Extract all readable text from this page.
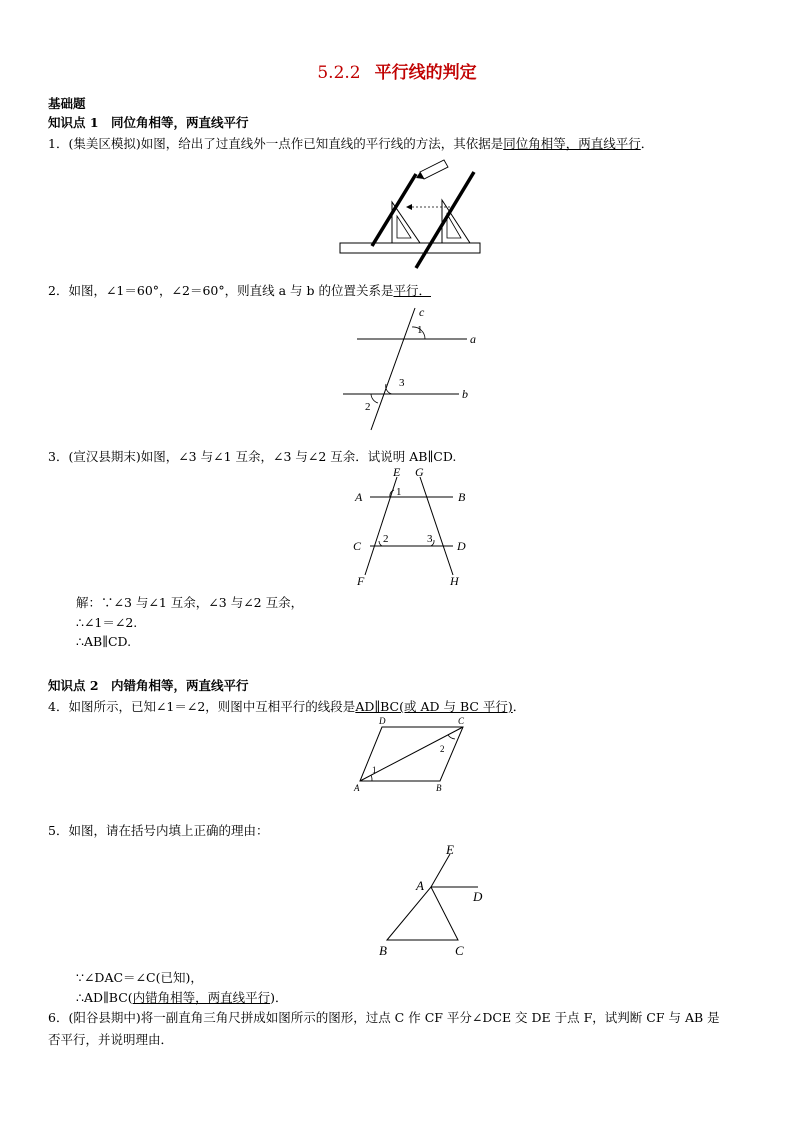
5.2.2 平行线的判定
基础题
知识点 1　同位角相等，两直线平行
1．(集美区模拟)如图，给出了过直线外一点作已知直线的平行线的方法，其依据是同位角相等，两直线平行．
2．如图，∠1＝60°，∠2＝60°，则直线 a 与 b 的位置关系是平行．
c
a
b
1
3
2
3．(宣汉县期末)如图，∠3 与∠1 互余，∠3 与∠2 互余．试说明 AB∥CD.
E G
A	B
C	D
F	H
1
2	3
解：∵∠3 与∠1 互余，∠3 与∠2 互余，
∴∠1＝∠2.
∴AB∥CD.
知识点 2　内错角相等，两直线平行
4．如图所示，已知∠1＝∠2，则图中互相平行的线段是AD∥BC(或 AD 与 BC 平行)．
D	C
A	B
1
2
5．如图，请在括号内填上正确的理由：
E
A
D
B	C
∵∠DAC＝∠C(已知)，
∴AD∥BC(内错角相等，两直线平行)．
6．(阳谷县期中)将一副直角三角尺拼成如图所示的图形，过点 C 作 CF 平分∠DCE 交 DE 于点 F，试判断 CF 与 AB 是
否平行，并说明理由．
